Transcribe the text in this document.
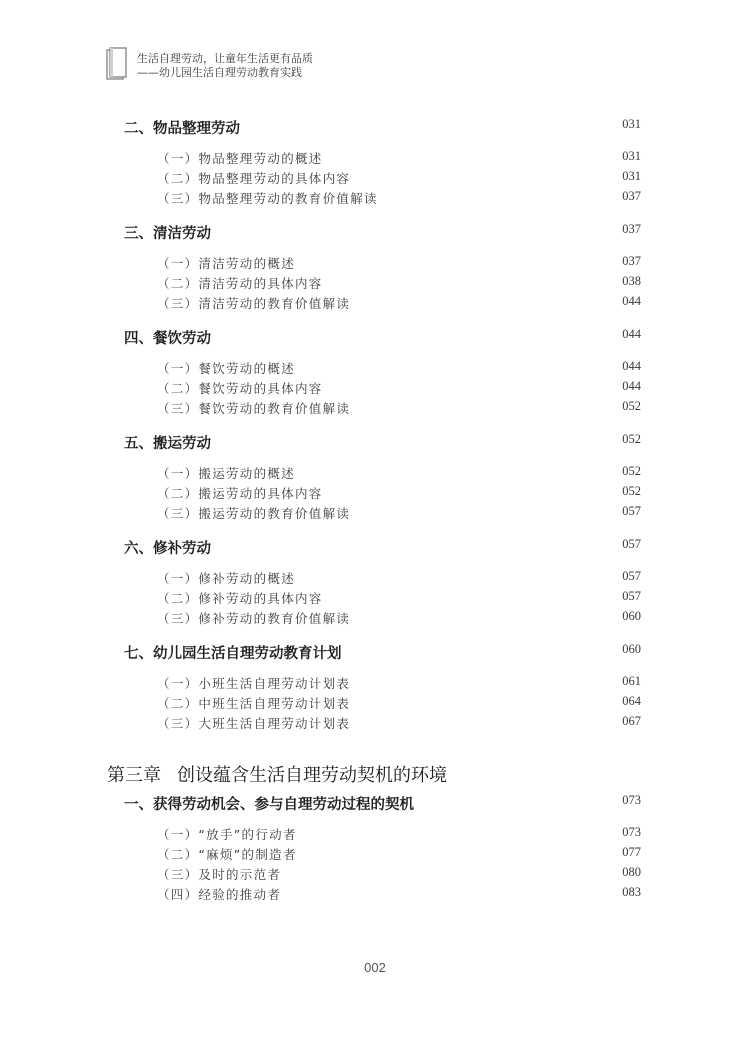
生活自理劳动，让童年生活更有品质
——幼儿园生活自理劳动教育实践
二、物品整理劳动	031
（一）物品整理劳动的概述	031
（二）物品整理劳动的具体内容	031
（三）物品整理劳动的教育价值解读	037
三、清洁劳动	037
（一）清洁劳动的概述	037
（二）清洁劳动的具体内容	038
（三）清洁劳动的教育价值解读	044
四、餐饮劳动	044
（一）餐饮劳动的概述	044
（二）餐饮劳动的具体内容	044
（三）餐饮劳动的教育价值解读	052
五、搬运劳动	052
（一）搬运劳动的概述	052
（二）搬运劳动的具体内容	052
（三）搬运劳动的教育价值解读	057
六、修补劳动	057
（一）修补劳动的概述	057
（二）修补劳动的具体内容	057
（三）修补劳动的教育价值解读	060
七、幼儿园生活自理劳动教育计划	060
（一）小班生活自理劳动计划表	061
（二）中班生活自理劳动计划表	064
（三）大班生活自理劳动计划表	067
一、获得劳动机会、参与自理劳动过程的契机	073
（一）“放手”的行动者	073
（二）“麻烦”的制造者	077
（三）及时的示范者	080
（四）经验的推动者	083
第三章 创设蕴含生活自理劳动契机的环境
002
